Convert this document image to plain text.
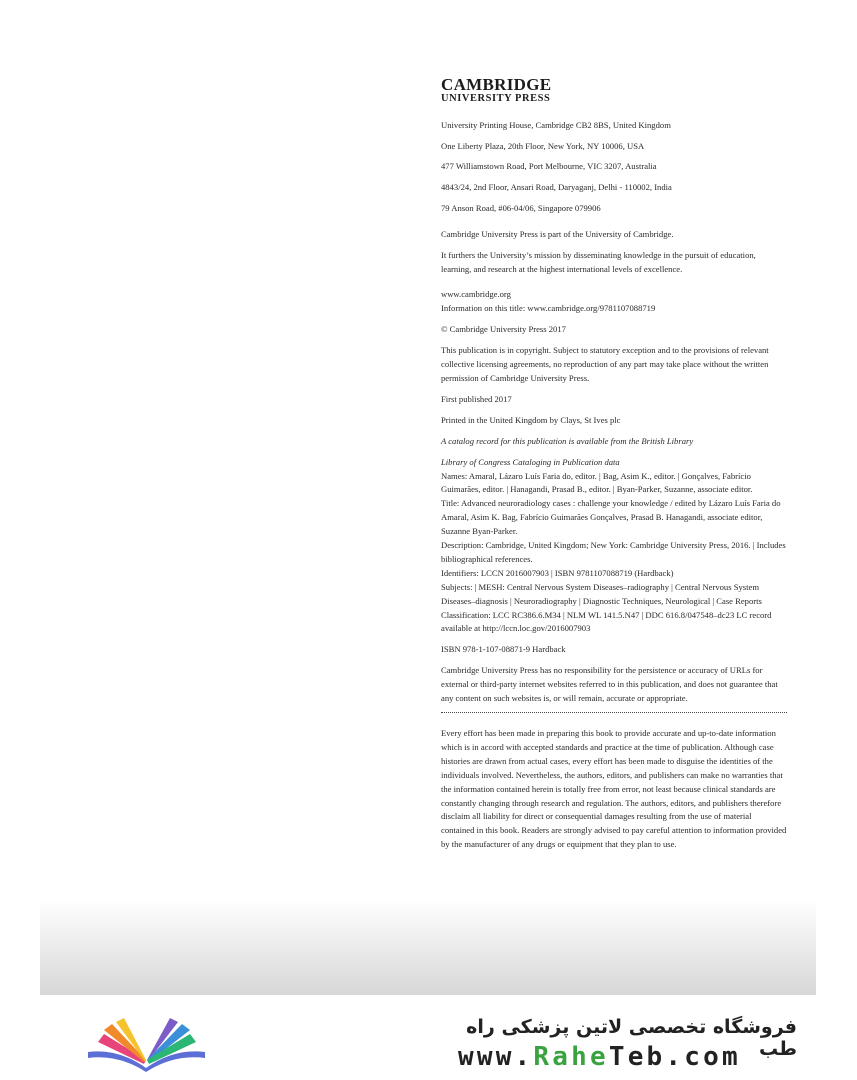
CAMBRIDGE
UNIVERSITY PRESS

University Printing House, Cambridge CB2 8BS, United Kingdom

One Liberty Plaza, 20th Floor, New York, NY 10006, USA

477 Williamstown Road, Port Melbourne, VIC 3207, Australia

4843/24, 2nd Floor, Ansari Road, Daryaganj, Delhi - 110002, India

79 Anson Road, #06-04/06, Singapore 079906

Cambridge University Press is part of the University of Cambridge.

It furthers the University’s mission by disseminating knowledge in the pursuit of education, learning, and research at the highest international levels of excellence.

www.cambridge.org

Information on this title: www.cambridge.org/9781107088719

© Cambridge University Press 2017

This publication is in copyright. Subject to statutory exception and to the provisions of relevant collective licensing agreements, no reproduction of any part may take place without the written permission of Cambridge University Press.

First published 2017

Printed in the United Kingdom by Clays, St Ives plc

A catalog record for this publication is available from the British Library

Library of Congress Cataloging in Publication data

Names: Amaral, Lázaro Luís Faria do, editor. | Bag, Asim K., editor. | Gonçalves, Fabrício Guimarães, editor. | Hanagandi, Prasad B., editor. | Byan-Parker, Suzanne, associate editor.

Title: Advanced neuroradiology cases : challenge your knowledge / edited by Lázaro Luís Faria do Amaral, Asim K. Bag, Fabrício Guimarães Gonçalves, Prasad B. Hanagandi, associate editor, Suzanne Byan-Parker.

Description: Cambridge, United Kingdom; New York: Cambridge University Press, 2016. | Includes bibliographical references.

Identifiers: LCCN 2016007903 | ISBN 9781107088719 (Hardback)

Subjects: | MESH: Central Nervous System Diseases–radiography | Central Nervous System Diseases–diagnosis | Neuroradiography | Diagnostic Techniques, Neurological | Case Reports

Classification: LCC RC386.6.M34 | NLM WL 141.5.N47 | DDC 616.8/047548–dc23 LC record available at http://lccn.loc.gov/2016007903

ISBN 978-1-107-08871-9 Hardback

Cambridge University Press has no responsibility for the persistence or accuracy of URLs for external or third-party internet websites referred to in this publication, and does not guarantee that any content on such websites is, or will remain, accurate or appropriate.

Every effort has been made in preparing this book to provide accurate and up-to-date information which is in accord with accepted standards and practice at the time of publication. Although case histories are drawn from actual cases, every effort has been made to disguise the identities of the individuals involved. Nevertheless, the authors, editors, and publishers can make no warranties that the information contained herein is totally free from error, not least because clinical standards are constantly changing through research and regulation. The authors, editors, and publishers therefore disclaim all liability for direct or consequential damages resulting from the use of material contained in this book. Readers are strongly advised to pay careful attention to information provided by the manufacturer of any drugs or equipment that they plan to use.

فروشگاه تخصصی لاتین پزشکی راه طب
www.RaheTeb.com
